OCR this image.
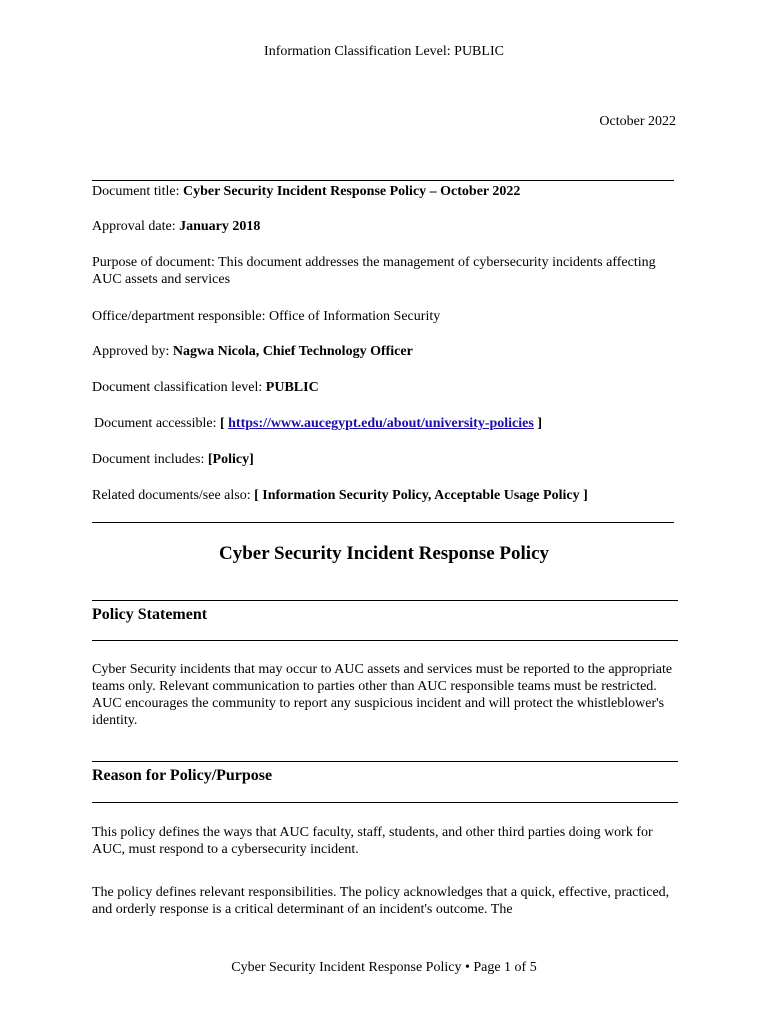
Information Classification Level: PUBLIC
October 2022
Document title: Cyber Security Incident Response Policy – October 2022
Approval date: January 2018
Purpose of document: This document addresses the management of cybersecurity incidents affecting AUC assets and services
Office/department responsible: Office of Information Security
Approved by: Nagwa Nicola, Chief Technology Officer
Document classification level: PUBLIC
Document accessible: [ https://www.aucegypt.edu/about/university-policies ]
Document includes: [Policy]
Related documents/see also: [ Information Security Policy, Acceptable Usage Policy ]
Cyber Security Incident Response Policy
Policy Statement
Cyber Security incidents that may occur to AUC assets and services must be reported to the appropriate teams only. Relevant communication to parties other than AUC responsible teams must be restricted. AUC encourages the community to report any suspicious incident and will protect the whistleblower's identity.
Reason for Policy/Purpose
This policy defines the ways that AUC faculty, staff, students, and other third parties doing work for AUC, must respond to a cybersecurity incident.
The policy defines relevant responsibilities. The policy acknowledges that a quick, effective, practiced, and orderly response is a critical determinant of an incident's outcome. The
Cyber Security Incident Response Policy • Page 1 of 5
